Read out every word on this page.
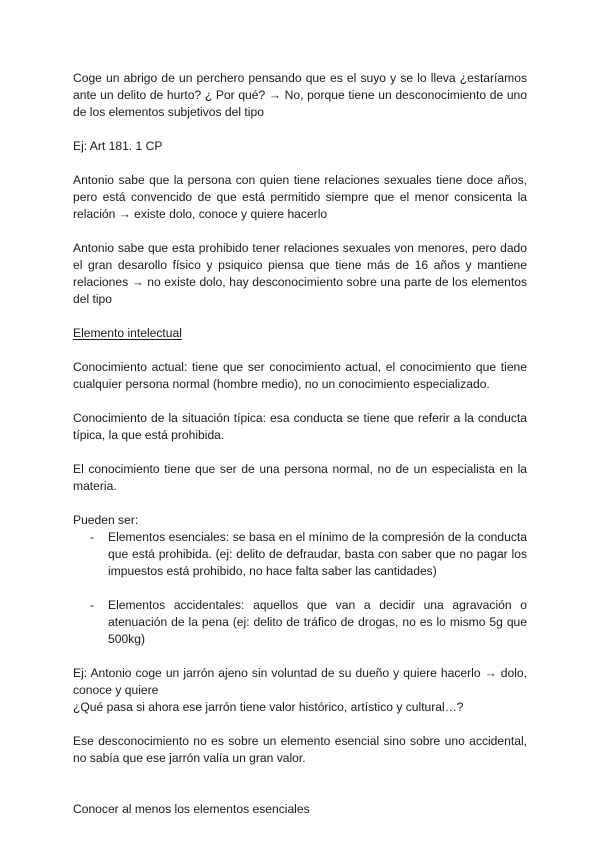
Coge un abrigo de un perchero pensando que es el suyo y se lo lleva ¿estaríamos ante un delito de hurto? ¿ Por qué? → No, porque tiene un desconocimiento de uno de los elementos subjetivos del tipo

Ej: Art 181. 1 CP

Antonio sabe que la persona con quien tiene relaciones sexuales tiene doce años, pero está convencido de que está permitido siempre que el menor consicenta la relación → existe dolo, conoce y quiere hacerlo

Antonio sabe que esta prohibido tener relaciones sexuales von menores, pero dado el gran desarollo físico y psiquico piensa que tiene más de 16 años y mantiene relaciones → no existe dolo, hay desconocimiento sobre una parte de los elementos del tipo

Elemento intelectual

Conocimiento actual: tiene que ser conocimiento actual, el conocimiento que tiene cualquier persona normal (hombre medio), no un conocimiento especializado.

Conocimiento de la situación típica: esa conducta se tiene que referir a la conducta típica, la que está prohibida.

El conocimiento tiene que ser de una persona normal, no de un especialista en la materia.

Pueden ser:

- Elementos esenciales: se basa en el mínimo de la compresión de la conducta que está prohibida. (ej: delito de defraudar, basta con saber que no pagar los impuestos está prohibido, no hace falta saber las cantidades)
- Elementos accidentales: aquellos que van a decidir una agravación o atenuación de la pena (ej: delito de tráfico de drogas, no es lo mismo 5g que 500kg)

Ej: Antonio coge un jarrón ajeno sin voluntad de su dueño y quiere hacerlo → dolo, conoce y quiere

¿Qué pasa si ahora ese jarrón tiene valor histórico, artístico y cultural…?

Ese desconocimiento no es sobre un elemento esencial sino sobre uno accidental, no sabía que ese jarrón valía un gran valor.

Conocer al menos los elementos esenciales
